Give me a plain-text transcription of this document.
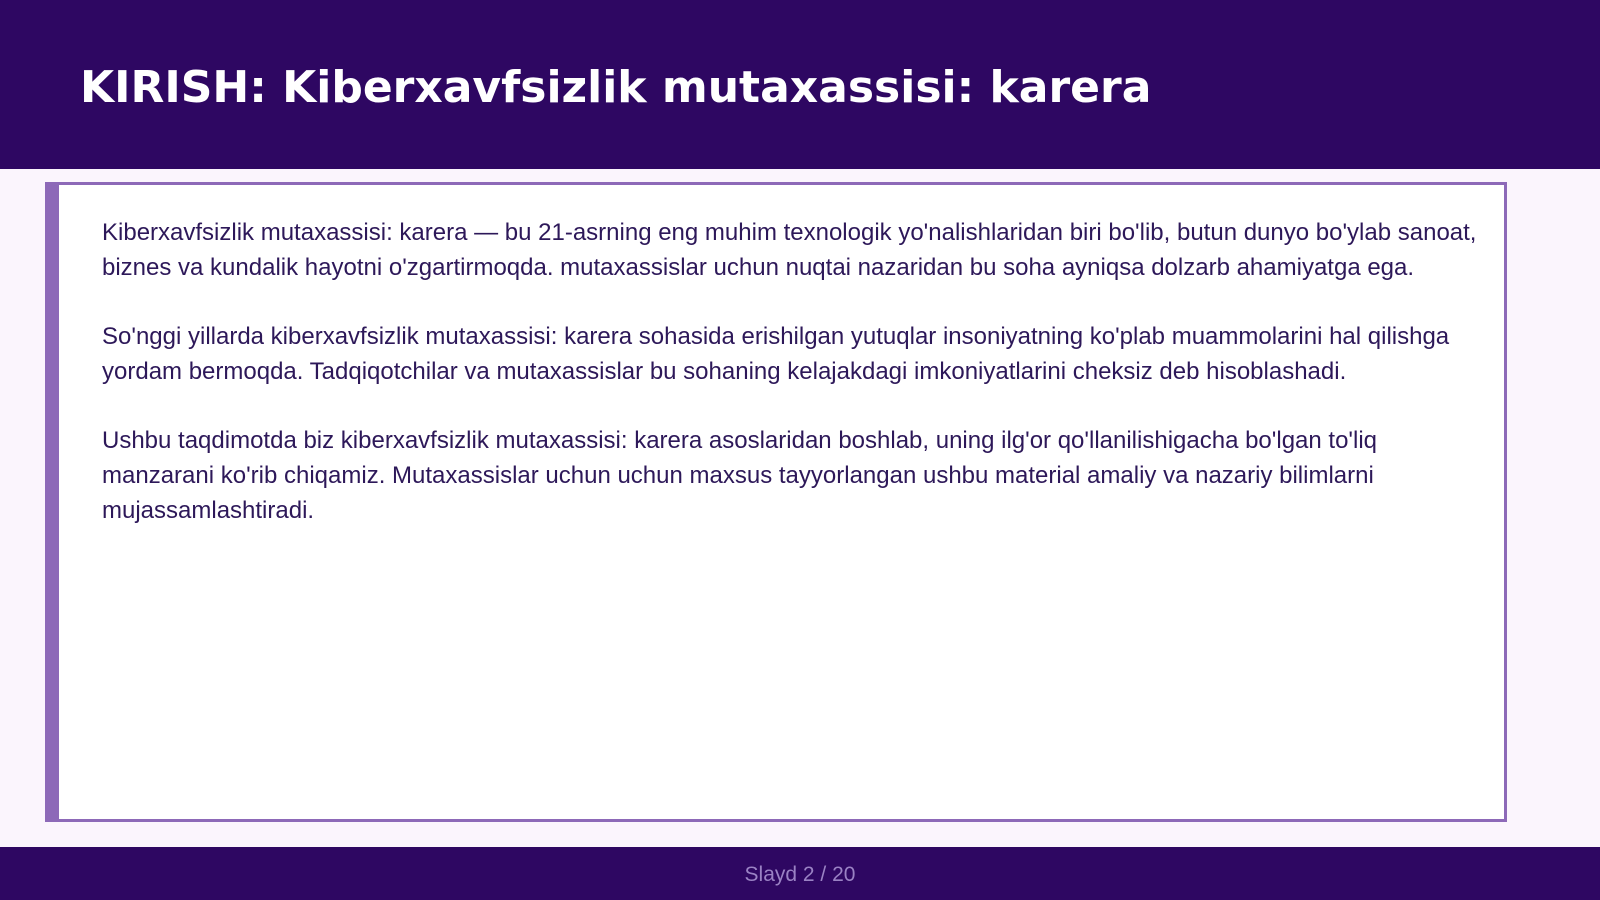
KIRISH: Kiberxavfsizlik mutaxassisi: karera

Kiberxavfsizlik mutaxassisi: karera — bu 21-asrning eng muhim texnologik yo'nalishlaridan biri bo'lib, butun dunyo bo'ylab sanoat, biznes va kundalik hayotni o'zgartirmoqda. mutaxassislar uchun nuqtai nazaridan bu soha ayniqsa dolzarb ahamiyatga ega.

So'nggi yillarda kiberxavfsizlik mutaxassisi: karera sohasida erishilgan yutuqlar insoniyatning ko'plab muammolarini hal qilishga yordam bermoqda. Tadqiqotchilar va mutaxassislar bu sohaning kelajakdagi imkoniyatlarini cheksiz deb hisoblashadi.

Ushbu taqdimotda biz kiberxavfsizlik mutaxassisi: karera asoslaridan boshlab, uning ilg'or qo'llanilishigacha bo'lgan to'liq manzarani ko'rib chiqamiz. Mutaxassislar uchun uchun maxsus tayyorlangan ushbu material amaliy va nazariy bilimlarni mujassamlashtiradi.

Slayd 2 / 20
